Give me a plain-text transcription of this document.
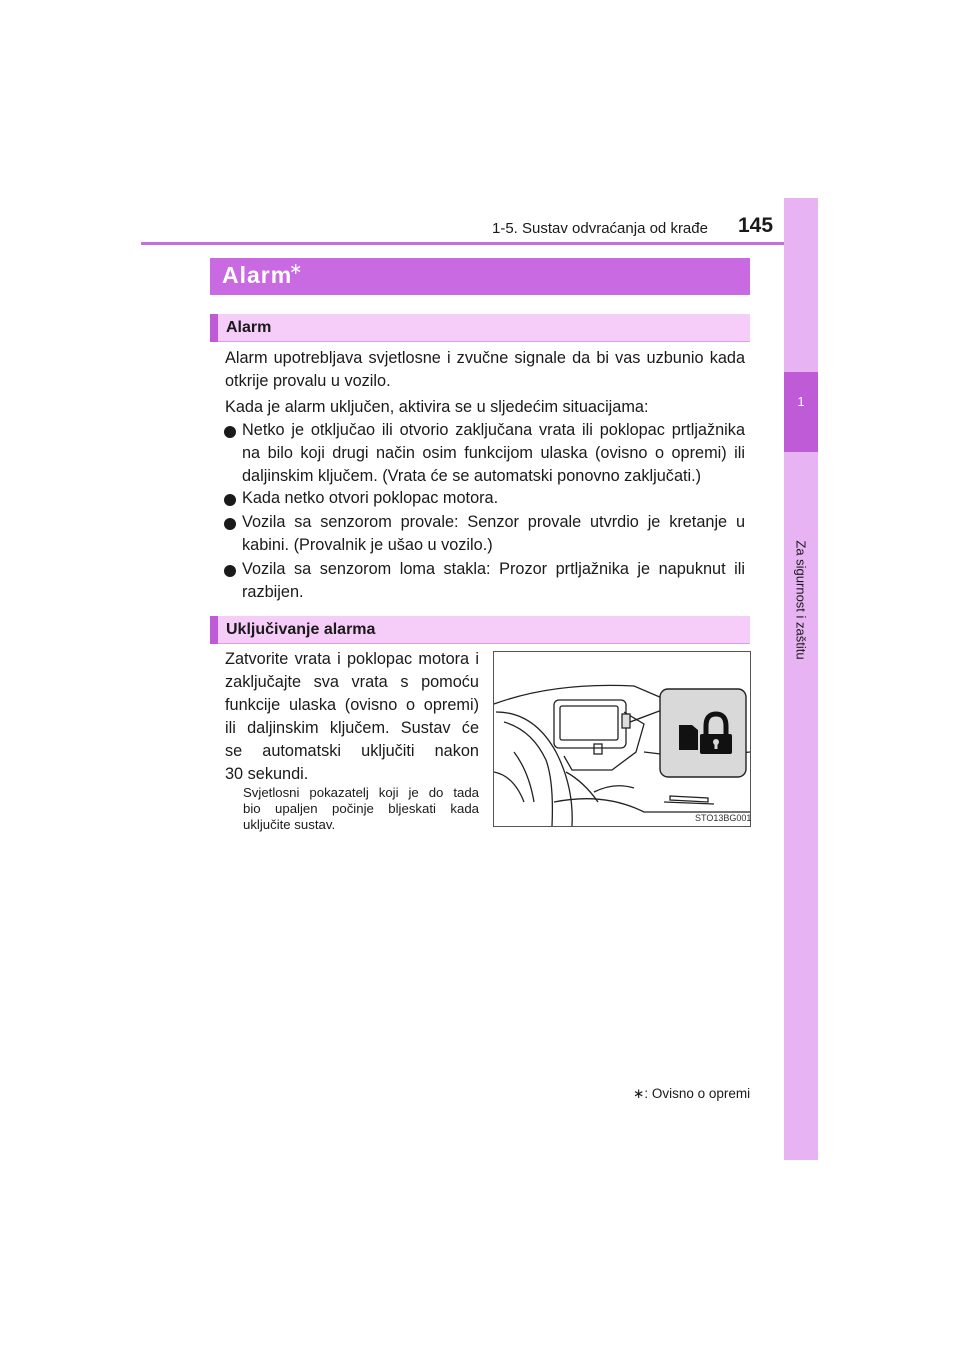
1-5. Sustav odvraćanja od krađe 145
1
Za sigurnost i zaštitu
Alarm
∗
Alarm
Alarm upotrebljava svjetlosne i zvučne signale da bi vas uzbunio kada otkrije provalu u vozilo.
Kada je alarm uključen, aktivira se u sljedećim situacijama:
Netko je otključao ili otvorio zaključana vrata ili poklopac prtljažnika na bilo koji drugi način osim funkcijom ulaska (ovisno o opremi) ili daljinskim ključem. (Vrata će se automatski ponovno zaključati.)
Kada netko otvori poklopac motora.
Vozila sa senzorom provale: Senzor provale utvrdio je kretanje u kabini. (Provalnik je ušao u vozilo.)
Vozila sa senzorom loma stakla: Prozor prtljažnika je napuknut ili razbijen.
Uključivanje alarma
Zatvorite vrata i poklopac motora i
zaključajte sva vrata s pomoću
funkcije ulaska (ovisno o opremi)
ili daljinskim ključem. Sustav će
se automatski uključiti nakon
30 sekundi.
Svjetlosni pokazatelj koji je do tada
bio upaljen počinje bljeskati kada
uključite sustav.	STO13BG001
∗: Ovisno o opremi
